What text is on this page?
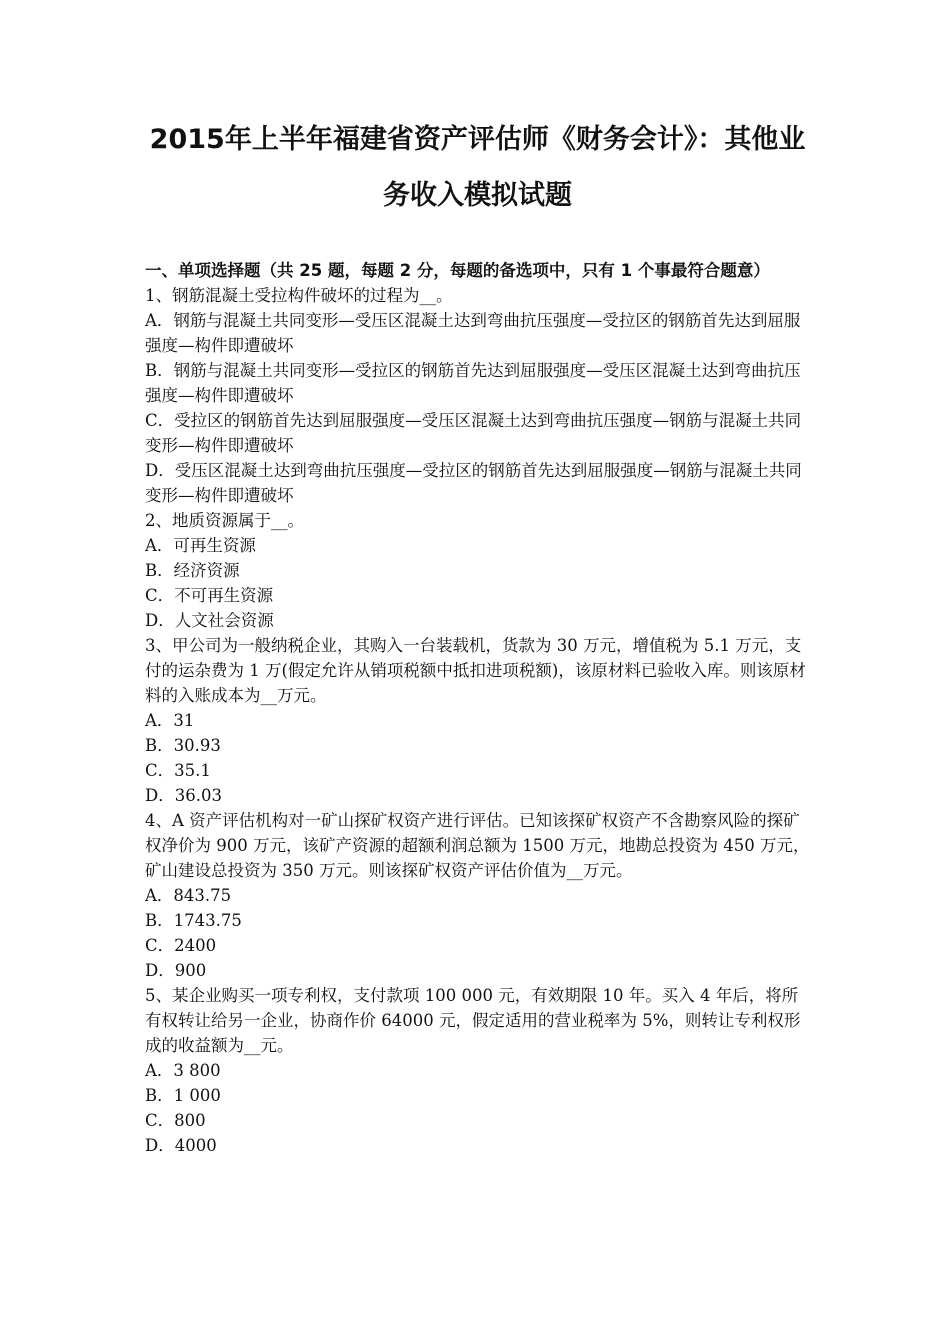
2015年上半年福建省资产评估师《财务会计》：其他业务收入模拟试题
一、单项选择题（共 25 题，每题 2 分，每题的备选项中，只有 1 个事最符合题意）

1、钢筋混凝土受拉构件破坏的过程为__。

A．钢筋与混凝土共同变形—受压区混凝土达到弯曲抗压强度—受拉区的钢筋首先达到屈服强度—构件即遭破坏

B．钢筋与混凝土共同变形—受拉区的钢筋首先达到屈服强度—受压区混凝土达到弯曲抗压强度—构件即遭破坏

C．受拉区的钢筋首先达到屈服强度—受压区混凝土达到弯曲抗压强度—钢筋与混凝土共同变形—构件即遭破坏

D．受压区混凝土达到弯曲抗压强度—受拉区的钢筋首先达到屈服强度—钢筋与混凝土共同变形—构件即遭破坏

2、地质资源属于__。

A．可再生资源

B．经济资源

C．不可再生资源

D．人文社会资源

3、甲公司为一般纳税企业，其购入一台装载机，货款为 30 万元，增值税为 5.1 万元，支付的运杂费为 1 万(假定允许从销项税额中抵扣进项税额)，该原材料已验收入库。则该原材料的入账成本为__万元。

A．31

B．30.93

C．35.1

D．36.03

4、A 资产评估机构对一矿山探矿权资产进行评估。已知该探矿权资产不含勘察风险的探矿权净价为 900 万元，该矿产资源的超额利润总额为 1500 万元，地勘总投资为 450 万元，矿山建设总投资为 350 万元。则该探矿权资产评估价值为__万元。

A．843.75

B．1743.75

C．2400

D．900

5、某企业购买一项专利权，支付款项 100 000 元，有效期限 10 年。买入 4 年后，将所有权转让给另一企业，协商作价 64000 元，假定适用的营业税率为 5%，则转让专利权形成的收益额为__元。

A．3 800

B．1 000

C．800

D．4000
